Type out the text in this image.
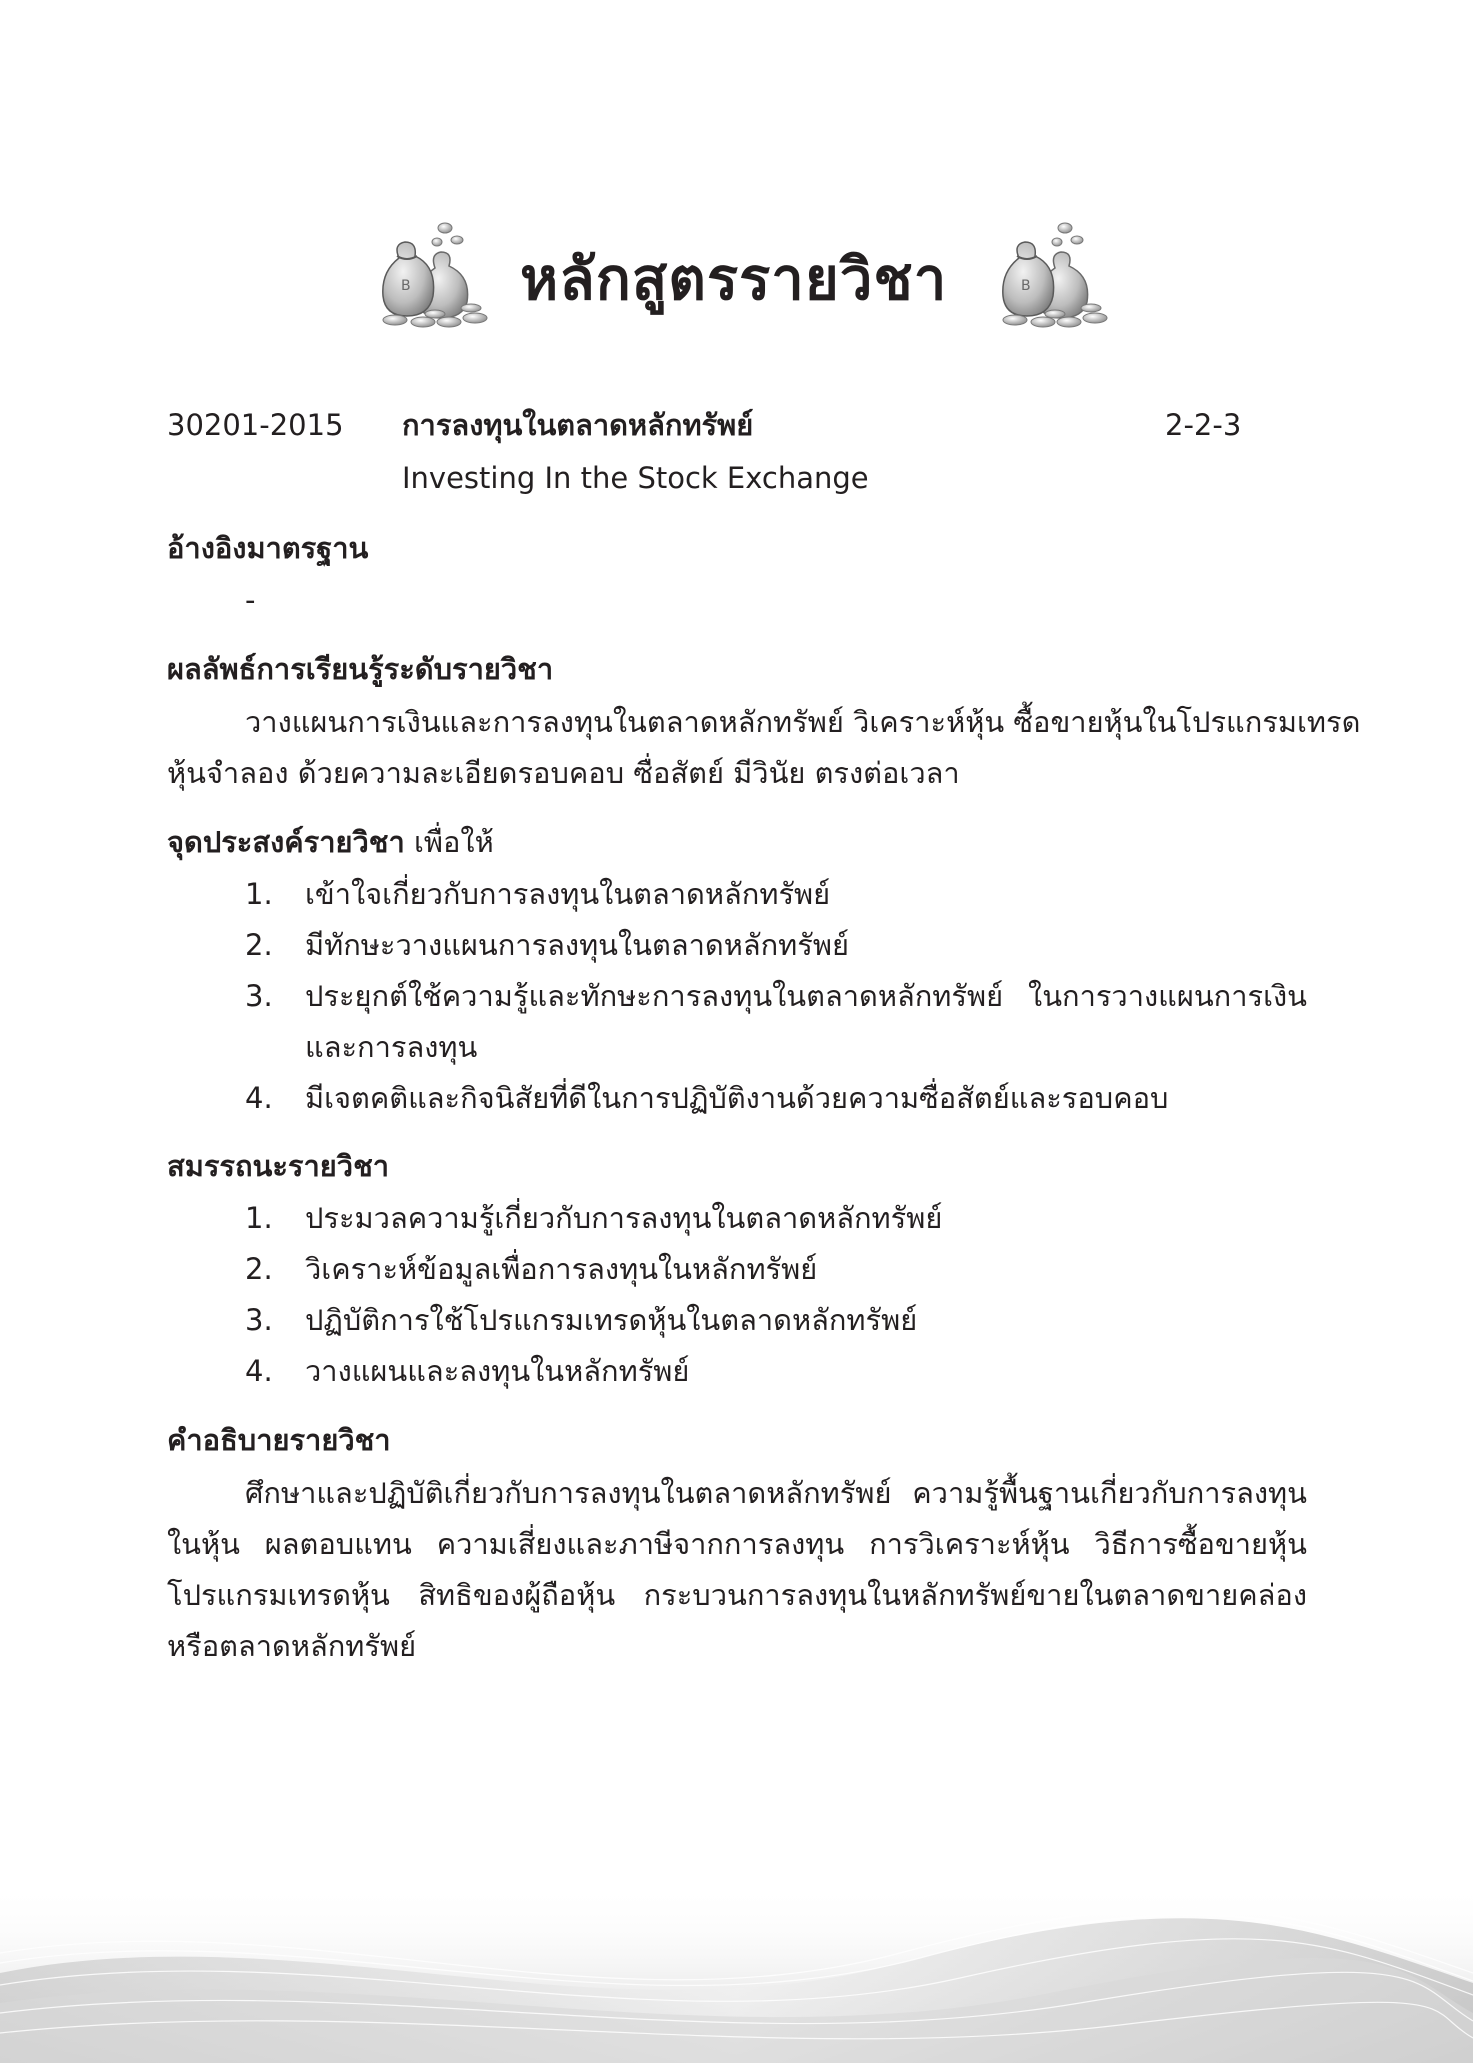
B หลักสูตรรายวิชา	B
30201-2015 การลงทุนในตลาดหลักทรัพย์	2-2-3
Investing In the Stock Exchange
อ้างอิงมาตรฐาน
-
ผลลัพธ์การเรียนรู้ระดับรายวิชา
วางแผนการเงินและการลงทุนในตลาดหลักทรัพย์ วิเคราะห์หุ้น ซื้อขายหุ้นในโปรแกรมเทรด
หุ้นจำลอง ด้วยความละเอียดรอบคอบ ซื่อสัตย์ มีวินัย ตรงต่อเวลา
จุดประสงค์รายวิชา เพื่อให้
1. เข้าใจเกี่ยวกับการลงทุนในตลาดหลักทรัพย์
2. มีทักษะวางแผนการลงทุนในตลาดหลักทรัพย์
3. ประยุกต์ใช้ความรู้และทักษะการลงทุนในตลาดหลักทรัพย์ ในการวางแผนการเงิน
และการลงทุน
4. มีเจตคติและกิจนิสัยที่ดีในการปฏิบัติงานด้วยความซื่อสัตย์และรอบคอบ
สมรรถนะรายวิชา
1. ประมวลความรู้เกี่ยวกับการลงทุนในตลาดหลักทรัพย์
2. วิเคราะห์ข้อมูลเพื่อการลงทุนในหลักทรัพย์
3. ปฏิบัติการใช้โปรแกรมเทรดหุ้นในตลาดหลักทรัพย์
4. วางแผนและลงทุนในหลักทรัพย์
คำอธิบายรายวิชา
ศึกษาและปฏิบัติเกี่ยวกับการลงทุนในตลาดหลักทรัพย์ ความรู้พื้นฐานเกี่ยวกับการลงทุน
ในหุ้น ผลตอบแทน ความเสี่ยงและภาษีจากการลงทุน การวิเคราะห์หุ้น วิธีการซื้อขายหุ้น
โปรแกรมเทรดหุ้น สิทธิของผู้ถือหุ้น กระบวนการลงทุนในหลักทรัพย์ขายในตลาดขายคล่อง
หรือตลาดหลักทรัพย์
